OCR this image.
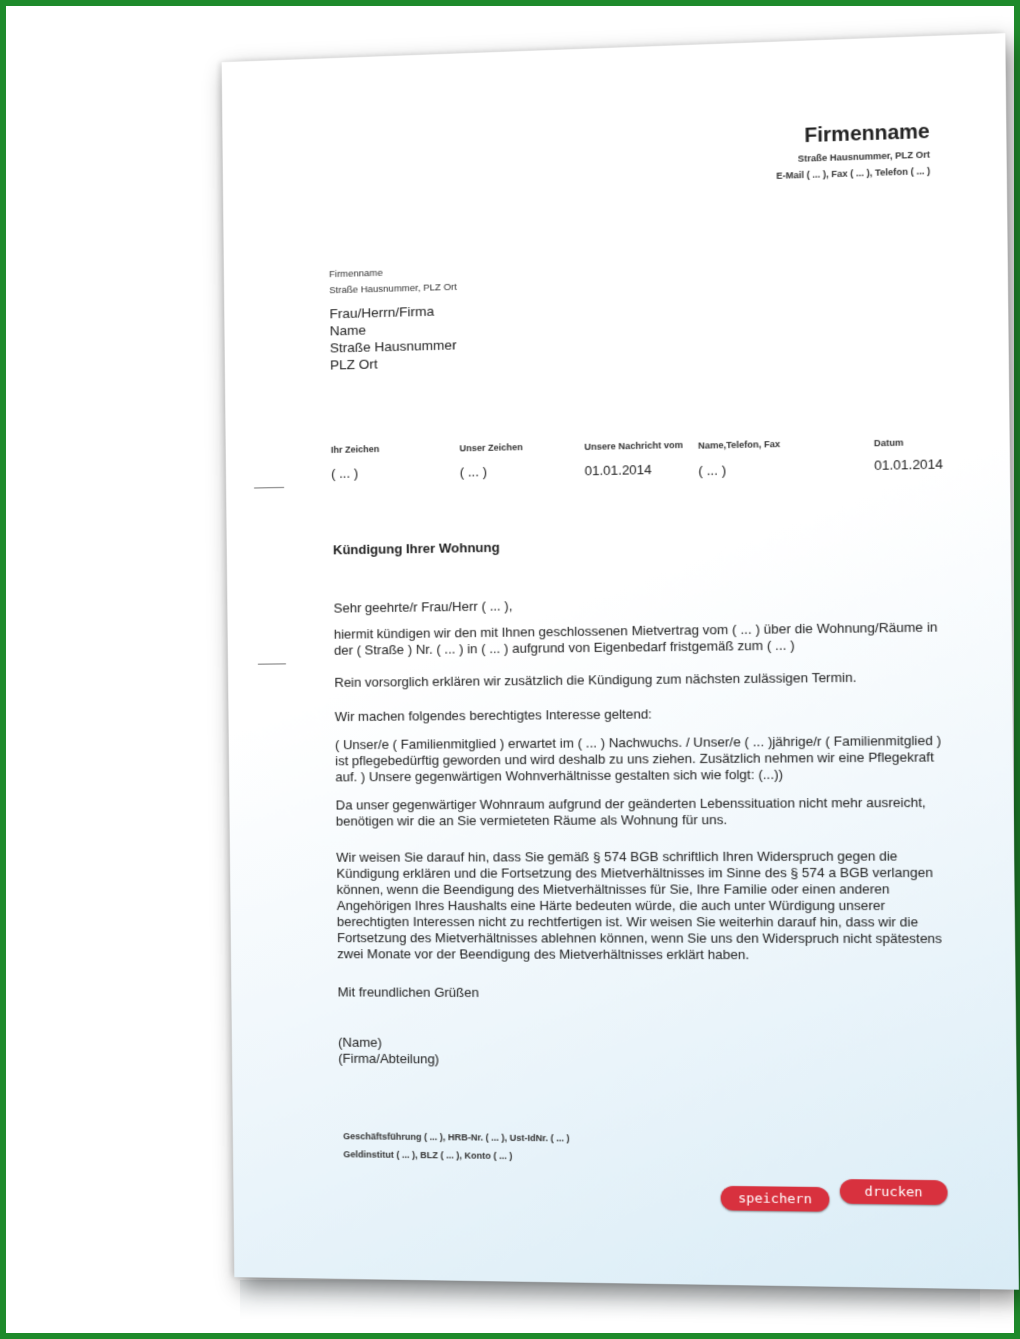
Firmenname
Straße Hausnummer, PLZ Ort
E-Mail ( ... ), Fax ( ... ), Telefon ( ... )
Firmenname
Straße Hausnummer, PLZ Ort
Frau/Herrn/Firma
Name
Straße Hausnummer
PLZ Ort
Ihr Zeichen
( ... )
Unser Zeichen
( ... )
Unsere Nachricht vom
01.01.2014
Name,Telefon, Fax
( ... )
Datum
01.01.2014
Kündigung Ihrer Wohnung
Sehr geehrte/r Frau/Herr ( ... ),
hiermit kündigen wir den mit Ihnen geschlossenen Mietvertrag vom ( ... ) über die Wohnung/Räume in der ( Straße ) Nr. ( ... ) in ( ... ) aufgrund von Eigenbedarf fristgemäß zum ( ... )
Rein vorsorglich erklären wir zusätzlich die Kündigung zum nächsten zulässigen Termin.
Wir machen folgendes berechtigtes Interesse geltend:
( Unser/e ( Familienmitglied ) erwartet im ( ... ) Nachwuchs. / Unser/e ( ... )jährige/r ( Familienmitglied ) ist pflegebedürftig geworden und wird deshalb zu uns ziehen. Zusätzlich nehmen wir eine Pflegekraft auf. ) Unsere gegenwärtigen Wohnverhältnisse gestalten sich wie folgt: (...))
Da unser gegenwärtiger Wohnraum aufgrund der geänderten Lebenssituation nicht mehr ausreicht, benötigen wir die an Sie vermieteten Räume als Wohnung für uns.
Wir weisen Sie darauf hin, dass Sie gemäß § 574 BGB schriftlich Ihren Widerspruch gegen die Kündigung erklären und die Fortsetzung des Mietverhältnisses im Sinne des § 574 a BGB verlangen können, wenn die Beendigung des Mietverhältnisses für Sie, Ihre Familie oder einen anderen Angehörigen Ihres Haushalts eine Härte bedeuten würde, die auch unter Würdigung unserer berechtigten Interessen nicht zu rechtfertigen ist. Wir weisen Sie weiterhin darauf hin, dass wir die Fortsetzung des Mietverhältnisses ablehnen können, wenn Sie uns den Widerspruch nicht spätestens zwei Monate vor der Beendigung des Mietverhältnisses erklärt haben.
Mit freundlichen Grüßen
(Name)
(Firma/Abteilung)
Geschäftsführung ( ... ), HRB-Nr. ( ... ), Ust-IdNr. ( ... )
Geldinstitut ( ... ), BLZ ( ... ), Konto ( ... )
speichern	drucken
